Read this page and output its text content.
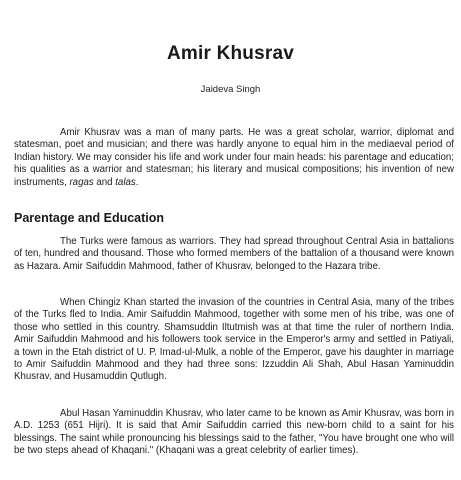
Amir Khusrav
Jaideva Singh

Amir Khusrav was a man of many parts. He was a great scholar, warrior, diplomat and statesman, poet and musician; and there was hardly anyone to equal him in the mediaeval period of Indian history. We may consider his life and work under four main heads: his parentage and education; his qualities as a warrior and statesman; his literary and musical compositions; his invention of new instruments, ragas and talas.

Parentage and Education

The Turks were famous as warriors. They had spread throughout Central Asia in battalions of ten, hundred and thousand. Those who formed members of the battalion of a thousand were known as Hazara. Amir Saifuddin Mahmood, father of Khusrav, belonged to the Hazara tribe.

When Chingiz Khan started the invasion of the countries in Central Asia, many of the tribes of the Turks fled to India. Amir Saifuddin Mahmood, together with some men of his tribe, was one of those who settled in this country. Shamsuddin Iltutmish was at that time the ruler of northern India. Amir Saifuddin Mahmood and his followers took service in the Emperor's army and settled in Patiyali, a town in the Etah district of U. P. Imad-ul-Mulk, a noble of the Emperor, gave his daughter in marriage to Amir Saifuddin Mahmood and they had three sons: Izzuddin Ali Shah, Abul Hasan Yaminuddin Khusrav, and Husamuddin Qutlugh.

Abul Hasan Yaminuddin Khusrav, who later came to be known as Amir Khusrav, was born in A.D. 1253 (651 Hijri). It is said that Amir Saifuddin carried this new-born child to a saint for his blessings. The saint while pronouncing his blessings said to the father, "You have brought one who will be two steps ahead of Khaqani." (Khaqani was a great celebrity of earlier times).
